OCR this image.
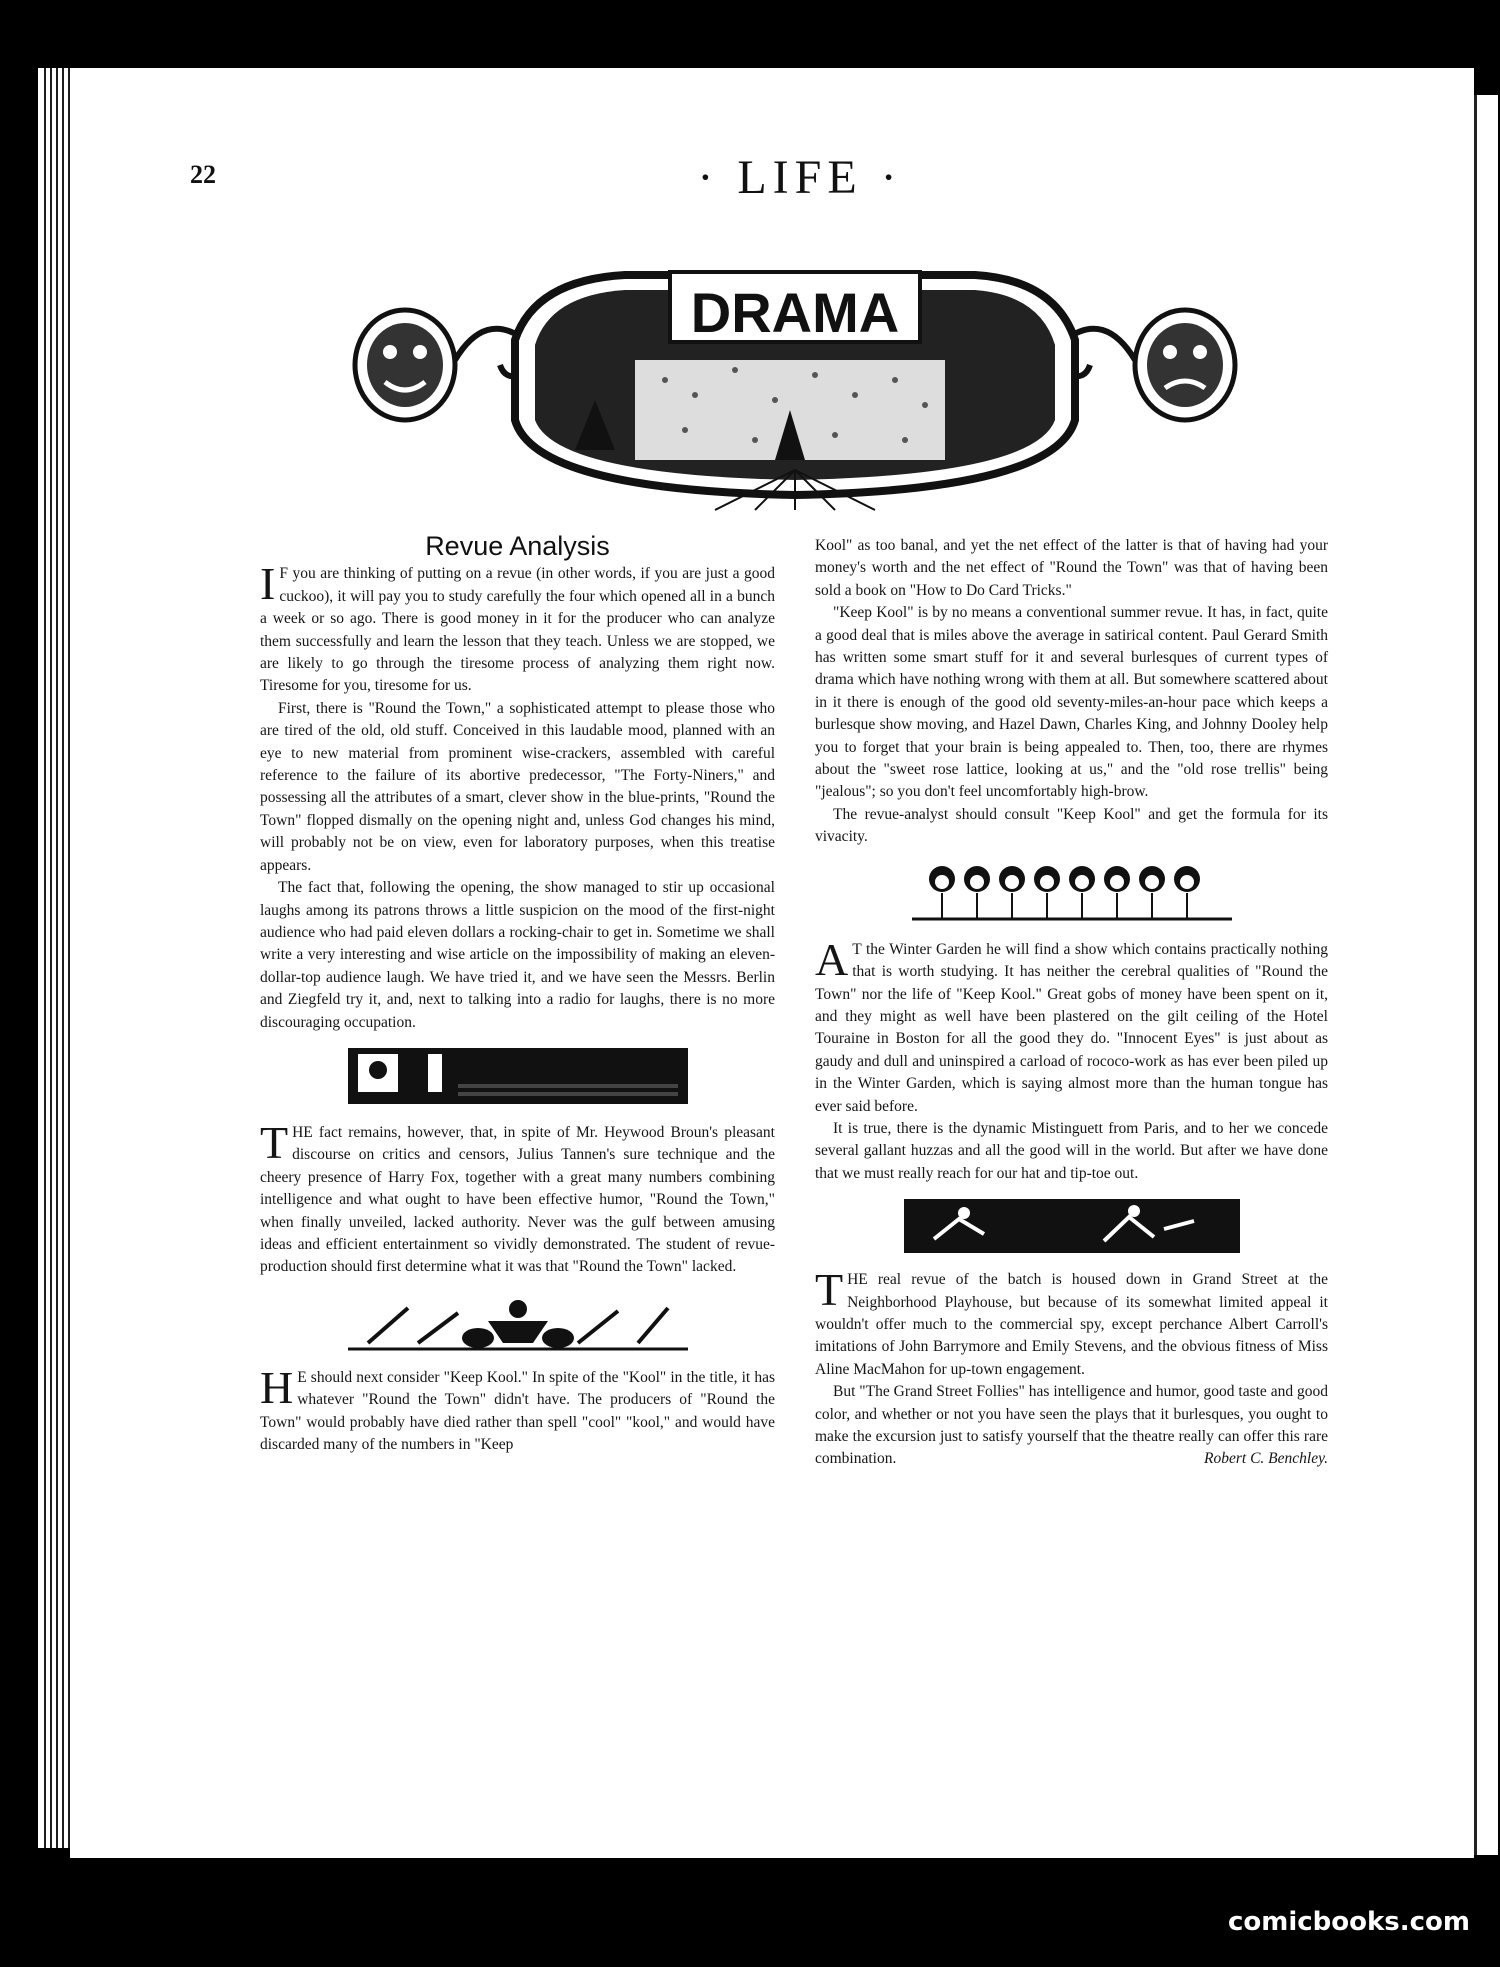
22	· LIFE ·
DRAMA
Revue Analysis

I F you are thinking of putting on a revue (in other words, if you are just a good cuckoo), it will pay you to study carefully the four which opened all in a bunch a week or so ago. There is good money in it for the producer who can analyze them successfully and learn the lesson that they teach. Unless we are stopped, we are likely to go through the tiresome process of analyzing them right now. Tiresome for you, tiresome for us.

First, there is "Round the Town," a sophisticated attempt to please those who are tired of the old, old stuff. Conceived in this laudable mood, planned with an eye to new material from prominent wise-crackers, assembled with careful reference to the failure of its abortive predecessor, "The Forty-Niners," and possessing all the attributes of a smart, clever show in the blue-prints, "Round the Town" flopped dismally on the opening night and, unless God changes his mind, will probably not be on view, even for laboratory purposes, when this treatise appears.

The fact that, following the opening, the show managed to stir up occasional laughs among its patrons throws a little suspicion on the mood of the first-night audience who had paid eleven dollars a rocking-chair to get in. Sometime we shall write a very interesting and wise article on the impossibility of making an eleven-dollar-top audience laugh. We have tried it, and we have seen the Messrs. Berlin and Ziegfeld try it, and, next to talking into a radio for laughs, there is no more discouraging occupation.

THE fact remains, however, that, in spite of Mr. Heywood Broun's pleasant discourse on critics and censors, Julius Tannen's sure technique and the cheery presence of Harry Fox, together with a great many numbers combining intelligence and what ought to have been effective humor, "Round the Town," when finally unveiled, lacked authority. Never was the gulf between amusing ideas and efficient entertainment so vividly demonstrated. The student of revue-production should first determine what it was that "Round the Town" lacked.

H E should next consider "Keep Kool." In spite of the "Kool" in the title, it has whatever "Round the Town" didn't have. The producers of "Round the Town" would probably have died rather than spell "cool" "kool," and would have discarded many of the numbers in "Keep

Kool" as too banal, and yet the net effect of the latter is that of having had your money's worth and the net effect of "Round the Town" was that of having been sold a book on "How to Do Card Tricks."

"Keep Kool" is by no means a conventional summer revue. It has, in fact, quite a good deal that is miles above the average in satirical content. Paul Gerard Smith has written some smart stuff for it and several burlesques of current types of drama which have nothing wrong with them at all. But somewhere scattered about in it there is enough of the good old seventy-miles-an-hour pace which keeps a burlesque show moving, and Hazel Dawn, Charles King, and Johnny Dooley help you to forget that your brain is being appealed to. Then, too, there are rhymes about the "sweet rose lattice, looking at us," and the "old rose trellis" being "jealous"; so you don't feel uncomfortably high-brow.

The revue-analyst should consult "Keep Kool" and get the formula for its vivacity.

A T the Winter Garden he will find a show which contains practically nothing that is worth studying. It has neither the cerebral qualities of "Round the Town" nor the life of "Keep Kool." Great gobs of money have been spent on it, and they might as well have been plastered on the gilt ceiling of the Hotel Touraine in Boston for all the good they do. "Innocent Eyes" is just about as gaudy and dull and uninspired a carload of rococo-work as has ever been piled up in the Winter Garden, which is saying almost more than the human tongue has ever said before.

It is true, there is the dynamic Mistinguett from Paris, and to her we concede several gallant huzzas and all the good will in the world. But after we have done that we must really reach for our hat and tip-toe out.

THE real revue of the batch is housed down in Grand Street at the Neighborhood Playhouse, but because of its somewhat limited appeal it wouldn't offer much to the commercial spy, except perchance Albert Carroll's imitations of John Barrymore and Emily Stevens, and the obvious fitness of Miss Aline MacMahon for up-town engagement.

But "The Grand Street Follies" has intelligence and humor, good taste and good color, and whether or not you have seen the plays that it burlesques, you ought to make the excursion just to satisfy yourself that the theatre really can offer this rare combination.	Robert C. Benchley.

comicbooks.com
